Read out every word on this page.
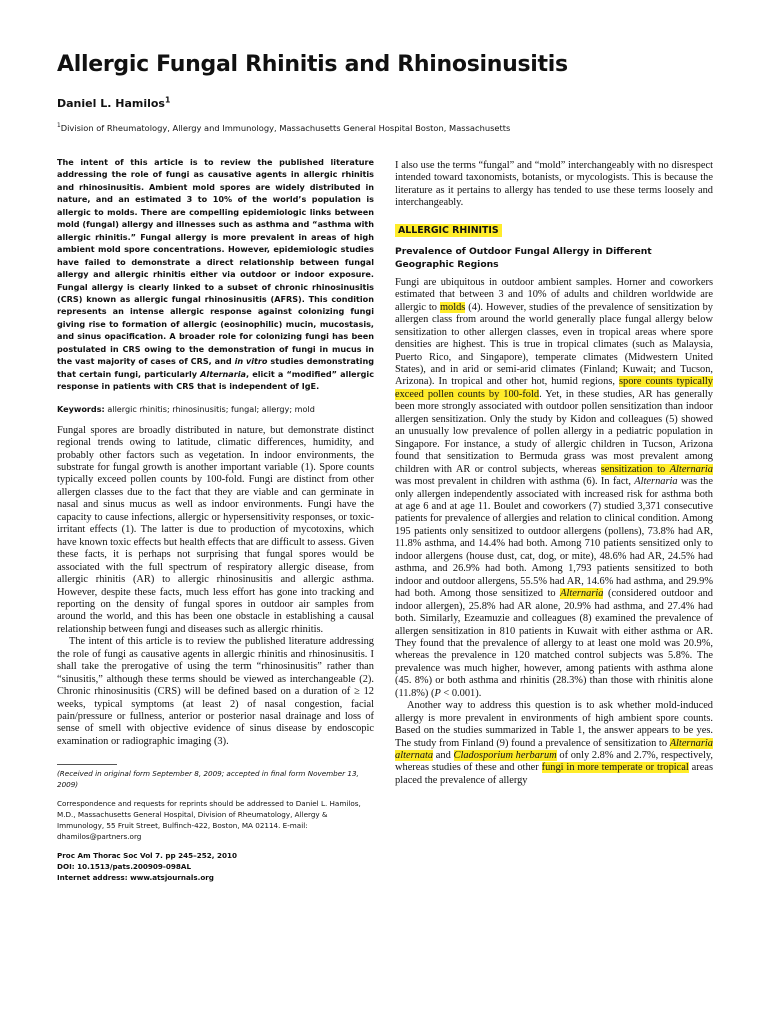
Allergic Fungal Rhinitis and Rhinosinusitis

Daniel L. Hamilos$^1$

$^1$Division of Rheumatology, Allergy and Immunology, Massachusetts General Hospital Boston, Massachusetts

The intent of this article is to review the published literature addressing the role of fungi as causative agents in allergic rhinitis and rhinosinusitis. Ambient mold spores are widely distributed in nature, and an estimated 3 to 10% of the world’s population is allergic to molds. There are compelling epidemiologic links between mold (fungal) allergy and illnesses such as asthma and “asthma with allergic rhinitis.” Fungal allergy is more prevalent in areas of high ambient mold spore concentrations. However, epidemiologic studies have failed to demonstrate a direct relationship between fungal allergy and allergic rhinitis either via outdoor or indoor exposure. Fungal allergy is clearly linked to a subset of chronic rhinosinusitis (CRS) known as allergic fungal rhinosinusitis (AFRS). This condition represents an intense allergic response against colonizing fungi giving rise to formation of allergic (eosinophilic) mucin, mucostasis, and sinus opacification. A broader role for colonizing fungi has been postulated in CRS owing to the demonstration of fungi in mucus in the vast majority of cases of CRS, and in vitro studies demonstrating that certain fungi, particularly Alternaria, elicit a “modified” allergic response in patients with CRS that is independent of IgE.

Keywords: allergic rhinitis; rhinosinusitis; fungal; allergy; mold

Fungal spores are broadly distributed in nature, but demonstrate distinct regional trends owing to latitude, climatic differences, humidity, and probably other factors such as vegetation. In indoor environments, the substrate for fungal growth is another important variable (1). Spore counts typically exceed pollen counts by 100-fold. Fungi are distinct from other allergen classes due to the fact that they are viable and can germinate in nasal and sinus mucus as well as indoor environments. Fungi have the capacity to cause infections, allergic or hypersensitivity responses, or toxic-irritant effects (1). The latter is due to production of mycotoxins, which have known toxic effects but health effects that are difficult to assess. Given these facts, it is perhaps not surprising that fungal spores would be associated with the full spectrum of respiratory allergic disease, from allergic rhinitis (AR) to allergic rhinosinusitis and allergic asthma. However, despite these facts, much less effort has gone into tracking and reporting on the density of fungal spores in outdoor air samples from around the world, and this has been one obstacle in establishing a causal relationship between fungi and diseases such as allergic rhinitis.

The intent of this article is to review the published literature addressing the role of fungi as causative agents in allergic rhinitis and rhinosinusitis. I shall take the prerogative of using the term “rhinosinusitis” rather than “sinusitis,” although these terms should be viewed as interchangeable (2). Chronic rhinosinusitis (CRS) will be defined based on a duration of ≥ 12 weeks, typical symptoms (at least 2) of nasal congestion, facial pain/pressure or fullness, anterior or posterior nasal drainage and loss of sense of smell with objective evidence of sinus disease by endoscopic examination or radiographic imaging (3).

(Received in original form September 8, 2009; accepted in final form November 13, 2009)

Correspondence and requests for reprints should be addressed to Daniel L. Hamilos, M.D., Massachusetts General Hospital, Division of Rheumatology, Allergy & Immunology, 55 Fruit Street, Bulfinch-422, Boston, MA 02114. E-mail: dhamilos@partners.org

Proc Am Thorac Soc Vol 7. pp 245–252, 2010

DOI: 10.1513/pats.200909-098AL

Internet address: www.atsjournals.org

I also use the terms “fungal” and “mold” interchangeably with no disrespect intended toward taxonomists, botanists, or mycologists. This is because the literature as it pertains to allergy has tended to use these terms loosely and interchangeably.

ALLERGIC RHINITIS

Prevalence of Outdoor Fungal Allergy in Different Geographic Regions

Fungi are ubiquitous in outdoor ambient samples. Horner and coworkers estimated that between 3 and 10% of adults and children worldwide are allergic to molds (4). However, studies of the prevalence of sensitization by allergen class from around the world generally place fungal allergy below sensitization to other allergen classes, even in tropical areas where spore densities are highest. This is true in tropical climates (such as Malaysia, Puerto Rico, and Singapore), temperate climates (Midwestern United States), and in arid or semi-arid climates (Finland; Kuwait; and Tucson, Arizona). In tropical and other hot, humid regions, spore counts typically exceed pollen counts by 100-fold. Yet, in these studies, AR has generally been more strongly associated with outdoor pollen sensitization than indoor allergen sensitization. Only the study by Kidon and colleagues (5) showed an unusually low prevalence of pollen allergy in a pediatric population in Singapore. For instance, a study of allergic children in Tucson, Arizona found that sensitization to Bermuda grass was most prevalent among children with AR or control subjects, whereas sensitization to Alternaria was most prevalent in children with asthma (6). In fact, Alternaria was the only allergen independently associated with increased risk for asthma both at age 6 and at age 11. Boulet and coworkers (7) studied 3,371 consecutive patients for prevalence of allergies and relation to clinical condition. Among 195 patients only sensitized to outdoor allergens (pollens), 73.8% had AR, 11.8% asthma, and 14.4% had both. Among 710 patients sensitized only to indoor allergens (house dust, cat, dog, or mite), 48.6% had AR, 24.5% had asthma, and 26.9% had both. Among 1,793 patients sensitized to both indoor and outdoor allergens, 55.5% had AR, 14.6% had asthma, and 29.9% had both. Among those sensitized to Alternaria (considered outdoor and indoor allergen), 25.8% had AR alone, 20.9% had asthma, and 27.4% had both. Similarly, Ezeamuzie and colleagues (8) examined the prevalence of allergen sensitization in 810 patients in Kuwait with either asthma or AR. They found that the prevalence of allergy to at least one mold was 20.9%, whereas the prevalence in 120 matched control subjects was 5.8%. The prevalence was much higher, however, among patients with asthma alone (45. 8%) or both asthma and rhinitis (28.3%) than those with rhinitis alone (11.8%) (P < 0.001).

Another way to address this question is to ask whether mold-induced allergy is more prevalent in environments of high ambient spore counts. Based on the studies summarized in Table 1, the answer appears to be yes. The study from Finland (9) found a prevalence of sensitization to Alternaria alternata and Cladosporium herbarum of only 2.8% and 2.7%, respectively, whereas studies of these and other fungi in more temperate or tropical areas placed the prevalence of allergy
